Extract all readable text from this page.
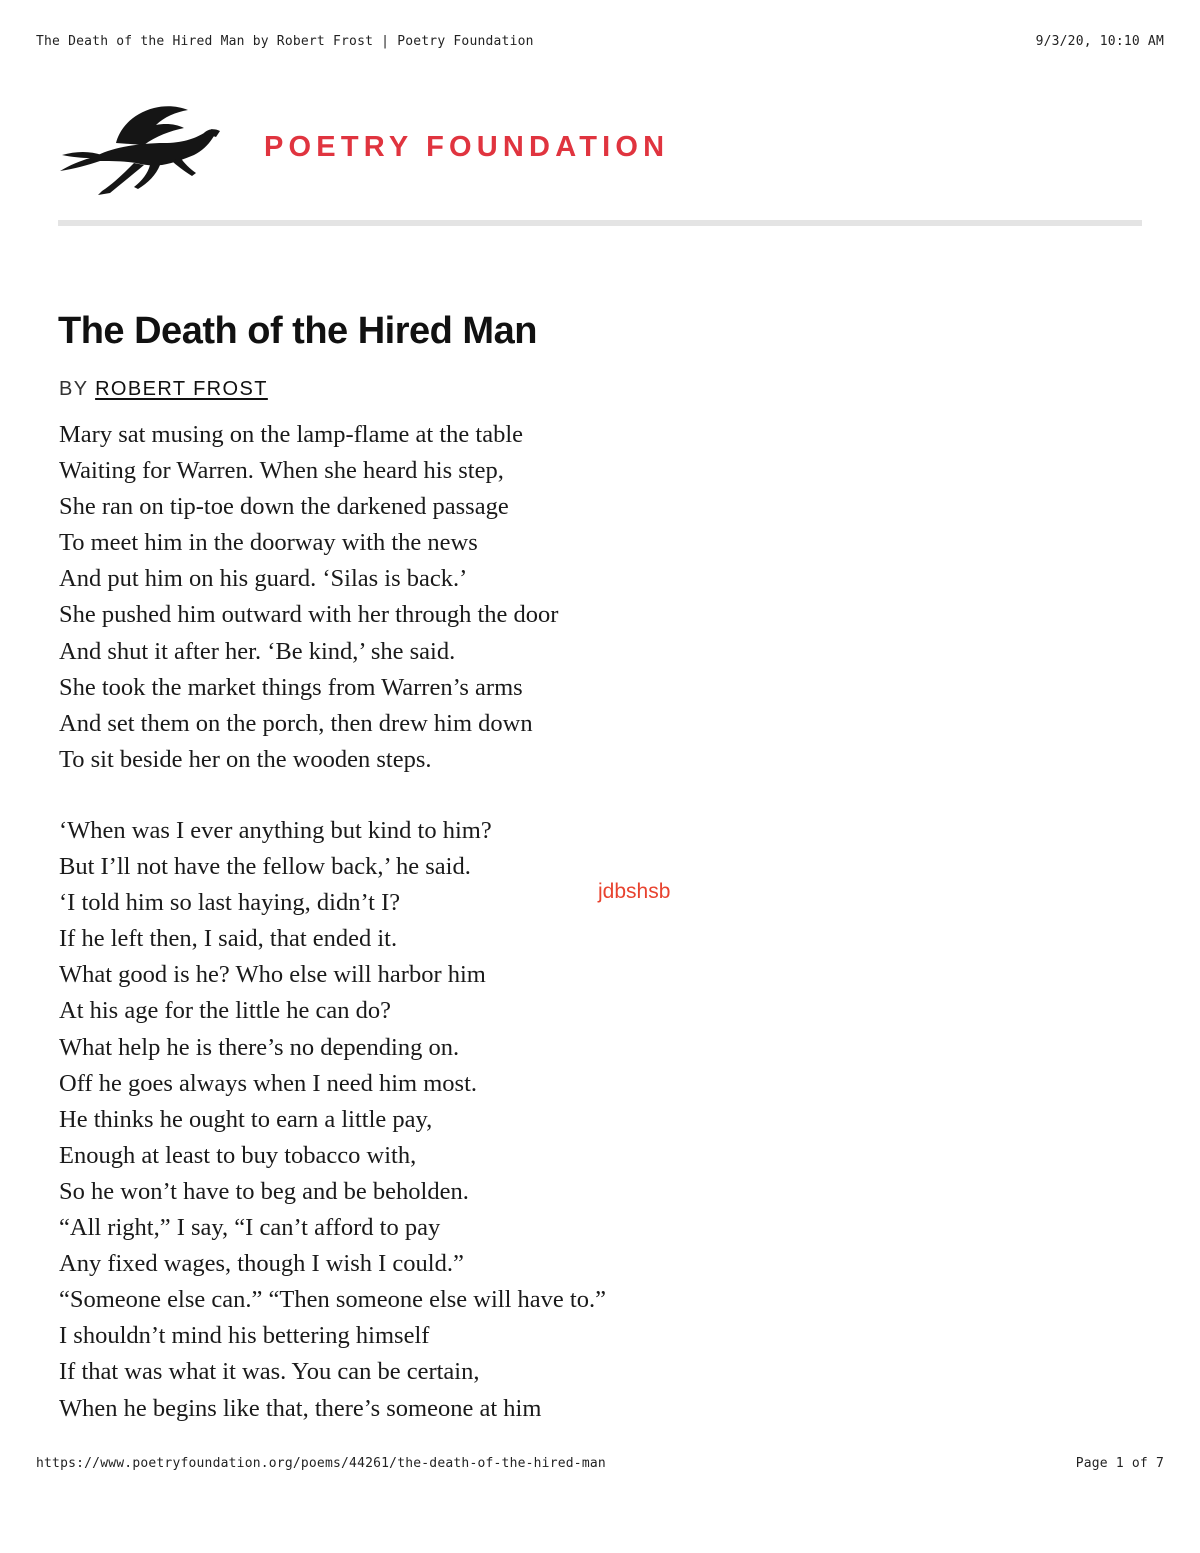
The Death of the Hired Man by Robert Frost | Poetry Foundation	9/3/20, 10:10 AM
POETRY FOUNDATION
The Death of the Hired Man
BY ROBERT FROST

Mary sat musing on the lamp-flame at the table
Waiting for Warren. When she heard his step,
She ran on tip-toe down the darkened passage
To meet him in the doorway with the news
And put him on his guard. ‘Silas is back.’
She pushed him outward with her through the door
And shut it after her. ‘Be kind,’ she said.
She took the market things from Warren’s arms
And set them on the porch, then drew him down
To sit beside her on the wooden steps.

‘When was I ever anything but kind to him?
But I’ll not have the fellow back,’ he said.
‘I told him so last haying, didn’t I?
If he left then, I said, that ended it.
What good is he? Who else will harbor him
At his age for the little he can do?
What help he is there’s no depending on.
Off he goes always when I need him most.
He thinks he ought to earn a little pay,
Enough at least to buy tobacco with,
So he won’t have to beg and be beholden.
“All right,” I say, “I can’t afford to pay
Any fixed wages, though I wish I could.”
“Someone else can.” “Then someone else will have to.”
I shouldn’t mind his bettering himself
If that was what it was. You can be certain,
When he begins like that, there’s someone at him

jdbshsb
https://www.poetryfoundation.org/poems/44261/the-death-of-the-hired-man	Page 1 of 7
